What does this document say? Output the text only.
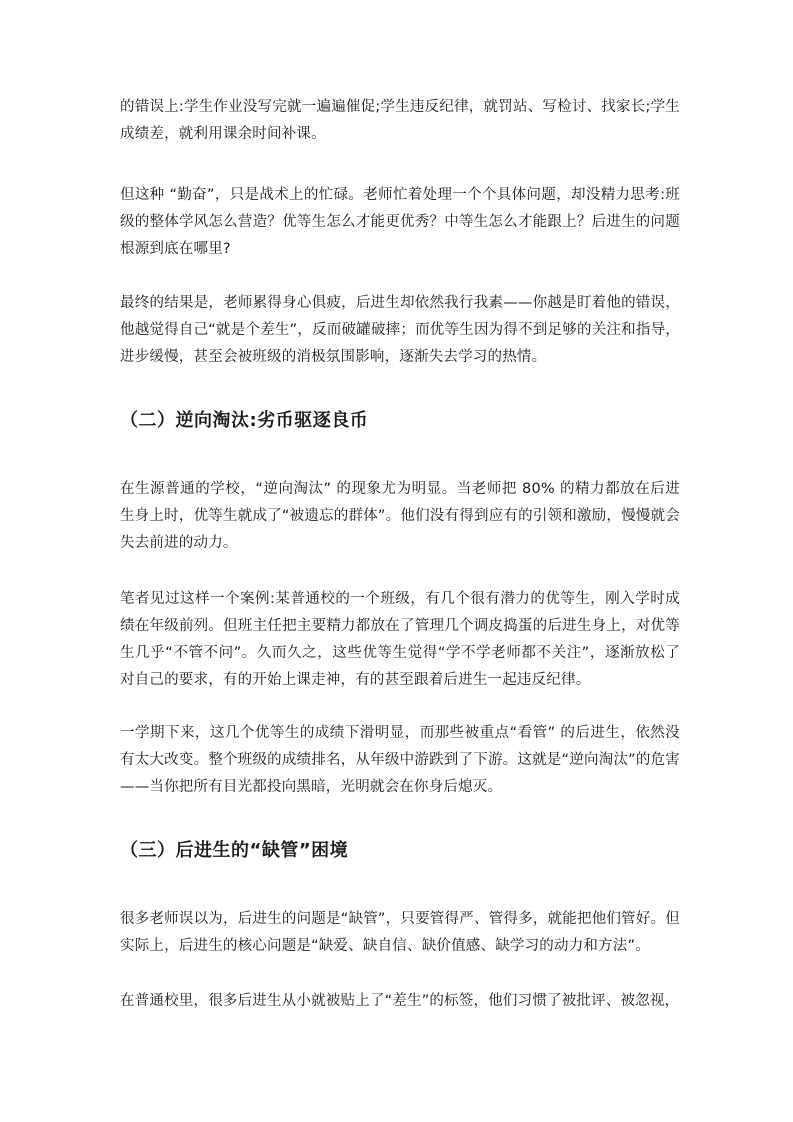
的错误上:学生作业没写完就一遍遍催促;学生违反纪律，就罚站、写检讨、找家长;学生成绩差，就利用课余时间补课。

但这种 “勤奋”，只是战术上的忙碌。老师忙着处理一个个具体问题，却没精力思考:班级的整体学风怎么营造？优等生怎么才能更优秀？中等生怎么才能跟上？后进生的问题根源到底在哪里?

最终的结果是，老师累得身心俱疲，后进生却依然我行我素——你越是盯着他的错误，他越觉得自己“就是个差生”，反而破罐破摔；而优等生因为得不到足够的关注和指导，进步缓慢，甚至会被班级的消极氛围影响，逐渐失去学习的热情。

（二）逆向淘汰:劣币驱逐良币

在生源普通的学校，“逆向淘汰” 的现象尤为明显。当老师把 80% 的精力都放在后进生身上时，优等生就成了“被遗忘的群体”。他们没有得到应有的引领和激励，慢慢就会失去前进的动力。

笔者见过这样一个案例:某普通校的一个班级，有几个很有潜力的优等生，刚入学时成绩在年级前列。但班主任把主要精力都放在了管理几个调皮捣蛋的后进生身上，对优等生几乎“不管不问”。久而久之，这些优等生觉得“学不学老师都不关注”，逐渐放松了对自己的要求，有的开始上课走神，有的甚至跟着后进生一起违反纪律。

一学期下来，这几个优等生的成绩下滑明显，而那些被重点“看管” 的后进生，依然没有太大改变。整个班级的成绩排名，从年级中游跌到了下游。这就是“逆向淘汰”的危害——当你把所有目光都投向黑暗，光明就会在你身后熄灭。

（三）后进生的“缺管”困境

很多老师误以为，后进生的问题是“缺管”，只要管得严、管得多，就能把他们管好。但实际上，后进生的核心问题是“缺爱、缺自信、缺价值感、缺学习的动力和方法”。

在普通校里，很多后进生从小就被贴上了“差生”的标签，他们习惯了被批评、被忽视，
